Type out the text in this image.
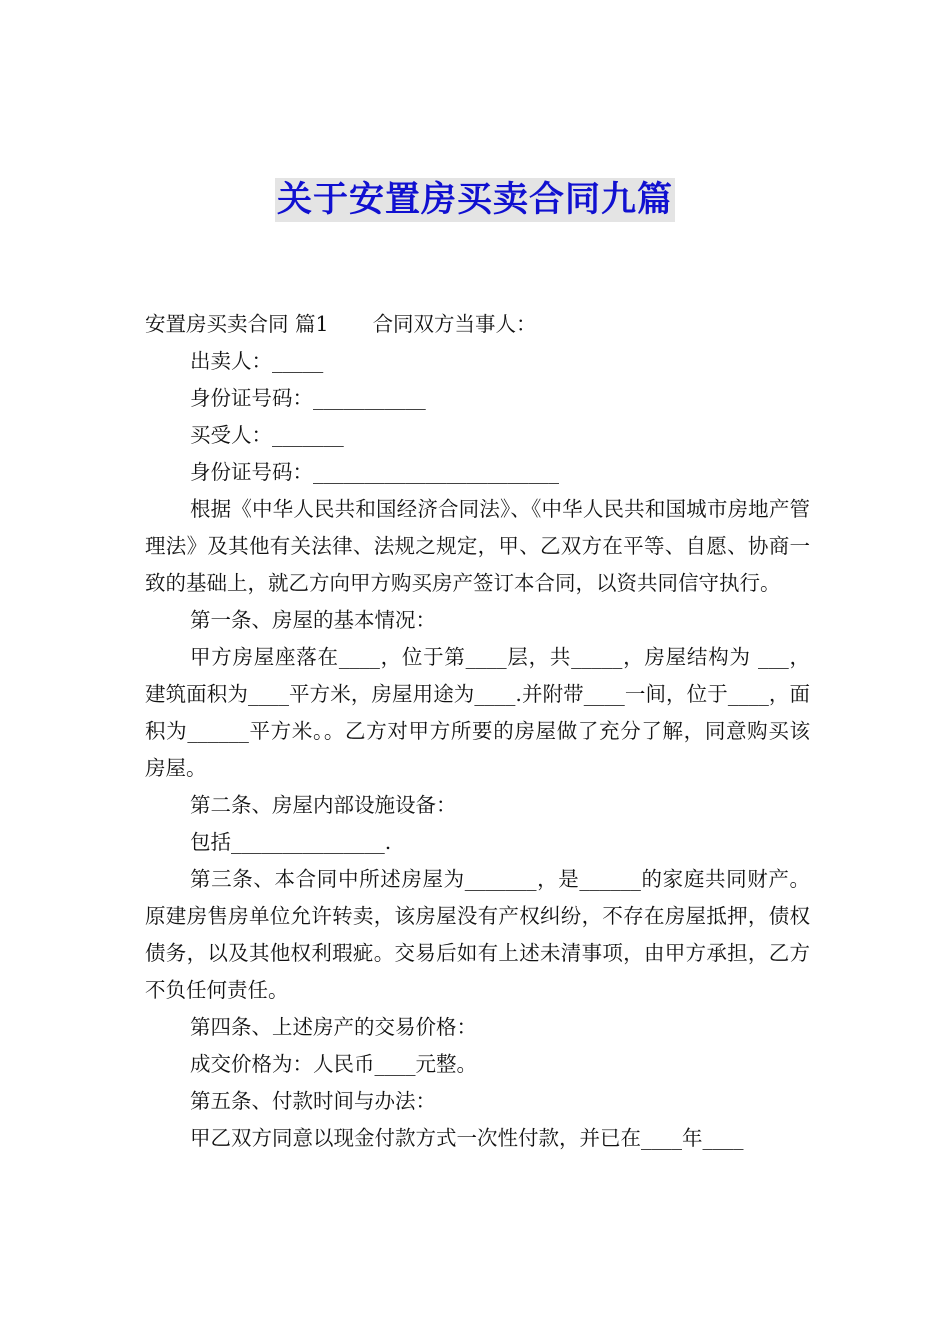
关于安置房买卖合同九篇

安置房买卖合同 篇1 合同双方当事人：

出卖人：_____

身份证号码：___________

买受人：_______

身份证号码：________________________

根据《中华人民共和国经济合同法》、《中华人民共和国城市房地产管理法》及其他有关法律、法规之规定，甲、乙双方在平等、自愿、协商一致的基础上，就乙方向甲方购买房产签订本合同，以资共同信守执行。

第一条、房屋的基本情况：

甲方房屋座落在____，位于第____层，共_____，房屋结构为 ___，建筑面积为____平方米，房屋用途为____.并附带____一间，位于____，面积为______平方米。。乙方对甲方所要的房屋做了充分了解，同意购买该房屋。

第二条、房屋内部设施设备：

包括_______________.

第三条、本合同中所述房屋为_______，是______的家庭共同财产。原建房售房单位允许转卖，该房屋没有产权纠纷，不存在房屋抵押，债权债务，以及其他权利瑕疵。交易后如有上述未清事项，由甲方承担，乙方不负任何责任。

第四条、上述房产的交易价格：

成交价格为：人民币____元整。

第五条、付款时间与办法：

甲乙双方同意以现金付款方式一次性付款，并已在____年____
